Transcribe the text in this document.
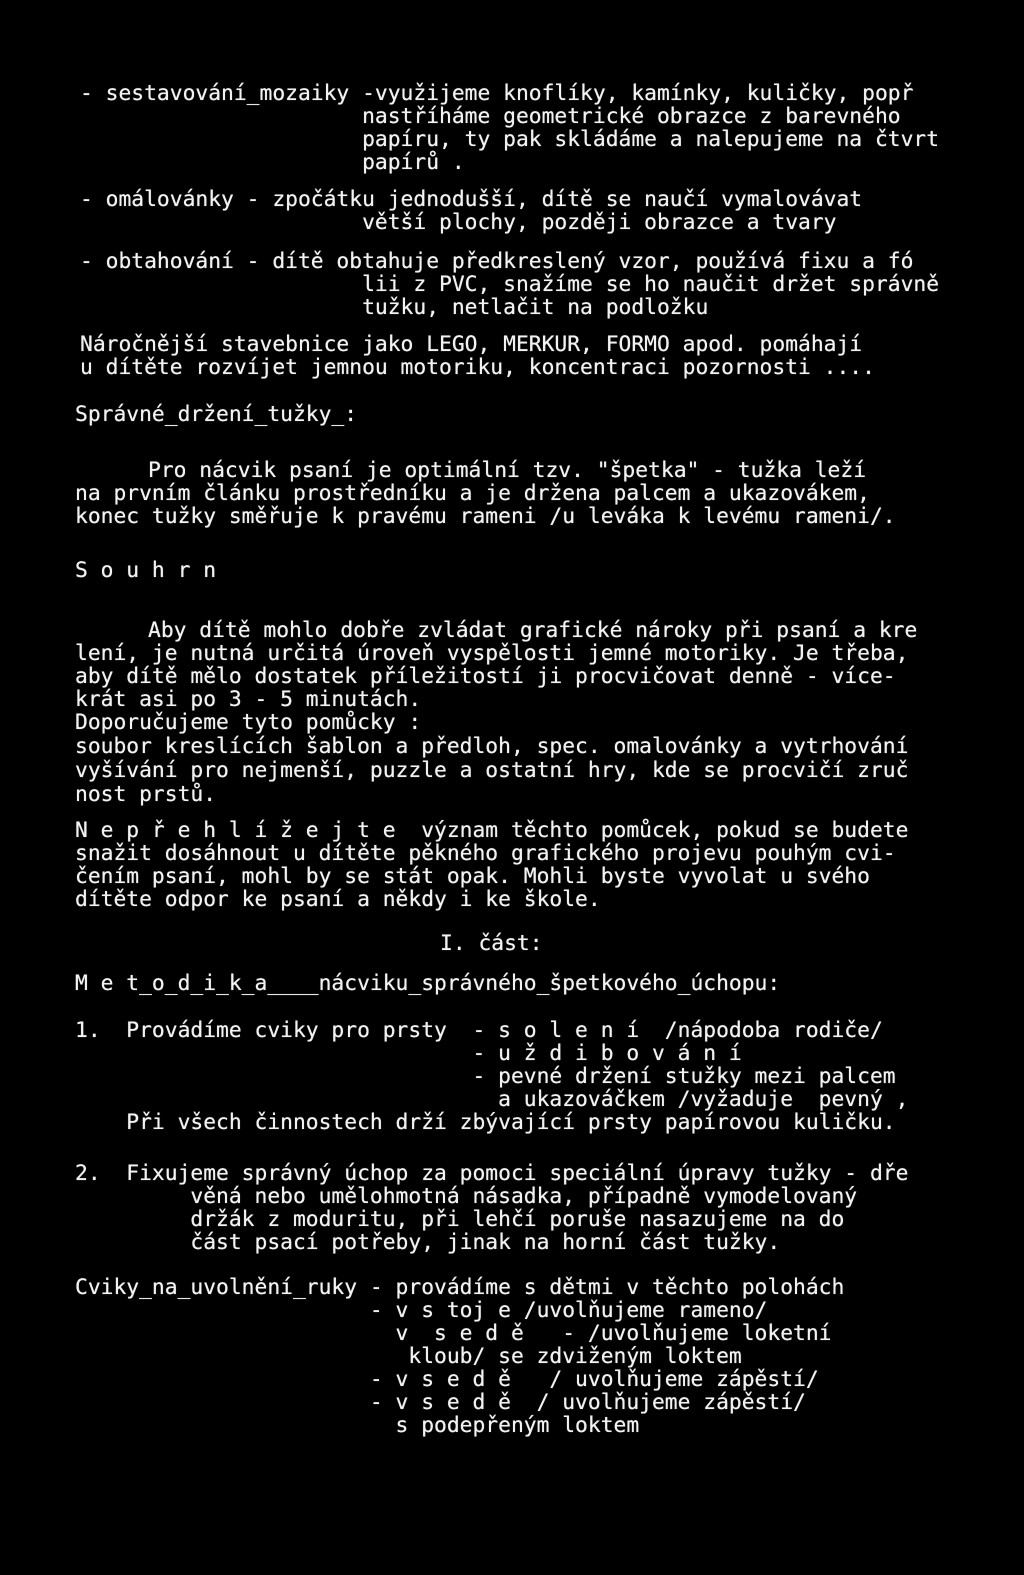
- sestavování_mozaiky -využijeme knoflíky, kamínky, kuličky, popř
nastříháme geometrické obrazce z barevného
papíru, ty pak skládáme a nalepujeme na čtvrt
papírů .
- omálovánky - zpočátku jednodušší, dítě se naučí vymalovávat
větší plochy, později obrazce a tvary
- obtahování - dítě obtahuje předkreslený vzor, používá fixu a fó
lii z PVC, snažíme se ho naučit držet správně
tužku, netlačit na podložku
Náročnější stavebnice jako LEGO, MERKUR, FORMO apod. pomáhají
u dítěte rozvíjet jemnou motoriku, koncentraci pozornosti ....
Správné_držení_tužky_:
Pro nácvik psaní je optimální tzv. "špetka" - tužka leží
na prvním článku prostředníku a je držena palcem a ukazovákem,
konec tužky směřuje k pravému rameni /u leváka k levému rameni/.
S o u h r n
Aby dítě mohlo dobře zvládat grafické nároky při psaní a kre
lení, je nutná určitá úroveň vyspělosti jemné motoriky. Je třeba,
aby dítě mělo dostatek příležitostí ji procvičovat denně - více-
krát asi po 3 - 5 minutách.
Doporučujeme tyto pomůcky :
soubor kreslících šablon a předloh, spec. omalovánky a vytrhování
vyšívání pro nejmenší, puzzle a ostatní hry, kde se procvičí zruč
nost prstů.
N e p ř e h l í ž e j t e  význam těchto pomůcek, pokud se budete
snažit dosáhnout u dítěte pěkného grafického projevu pouhým cvi-
čením psaní, mohl by se stát opak. Mohli byste vyvolat u svého
dítěte odpor ke psaní a někdy i ke škole.
I. část:
M e t_o_d_i_k_a____nácviku_správného_špetkového_úchopu:
1.  Provádíme cviky pro prsty  - s o l e n í  /nápodoba rodiče/
- u ž d i b o v á n í
- pevné držení stužky mezi palcem
a ukazováčkem /vyžaduje  pevný ,
Při všech činnostech drží zbývající prsty papírovou kuličku.
2.  Fixujeme správný úchop za pomoci speciální úpravy tužky - dře
věná nebo umělohmotná násadka, případně vymodelovaný
držák z moduritu, při lehčí poruše nasazujeme na do
část psací potřeby, jinak na horní část tužky.
Cviky_na_uvolnění_ruky - provádíme s dětmi v těchto polohách
- v s toj e /uvolňujeme rameno/
v  s e d ě   - /uvolňujeme loketní
kloub/ se zdviženým loktem
- v s e d ě   / uvolňujeme zápěstí/
- v s e d ě  / uvolňujeme zápěstí/
s podepřeným loktem
